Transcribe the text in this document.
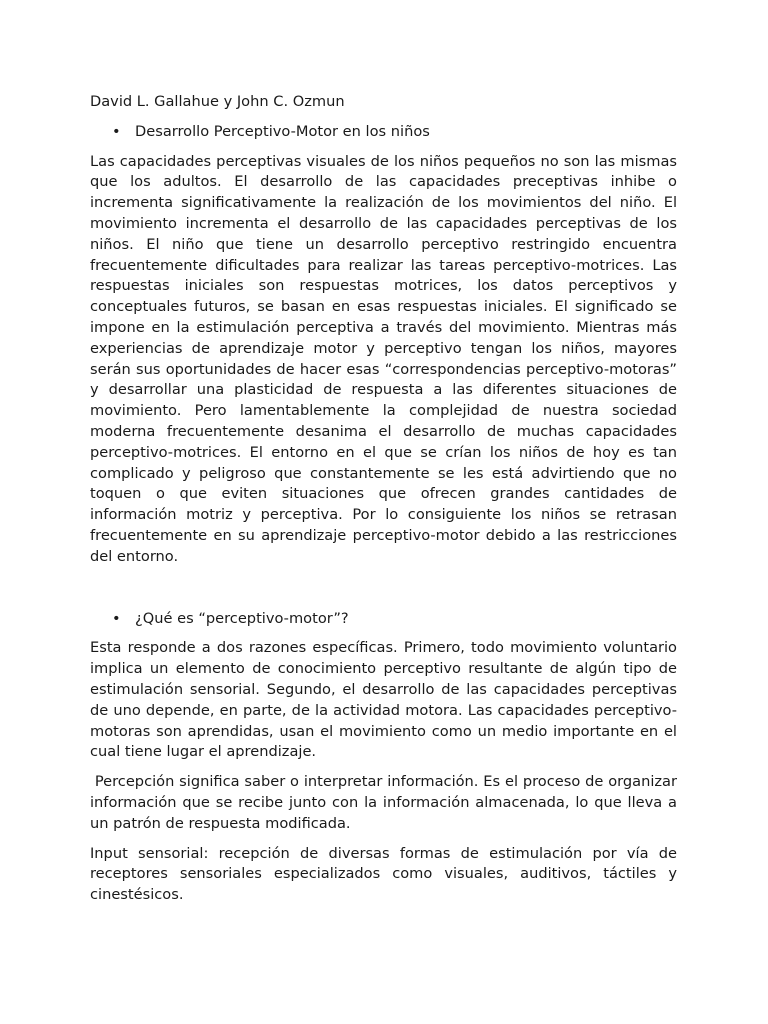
David L. Gallahue y John C. Ozmun

• Desarrollo Perceptivo-Motor en los niños

Las capacidades perceptivas visuales de los niños pequeños no son las mismas que los adultos. El desarrollo de las capacidades preceptivas inhibe o incrementa significativamente la realización de los movimientos del niño. El movimiento incrementa el desarrollo de las capacidades perceptivas de los niños. El niño que tiene un desarrollo perceptivo restringido encuentra frecuentemente dificultades para realizar las tareas perceptivo-motrices. Las respuestas iniciales son respuestas motrices, los datos perceptivos y conceptuales futuros, se basan en esas respuestas iniciales. El significado se impone en la estimulación perceptiva a través del movimiento. Mientras más experiencias de aprendizaje motor y perceptivo tengan los niños, mayores serán sus oportunidades de hacer esas “correspondencias perceptivo-motoras” y desarrollar una plasticidad de respuesta a las diferentes situaciones de movimiento. Pero lamentablemente la complejidad de nuestra sociedad moderna frecuentemente desanima el desarrollo de muchas capacidades perceptivo-motrices. El entorno en el que se crían los niños de hoy es tan complicado y peligroso que constantemente se les está advirtiendo que no toquen o que eviten situaciones que ofrecen grandes cantidades de información motriz y perceptiva. Por lo consiguiente los niños se retrasan frecuentemente en su aprendizaje perceptivo-motor debido a las restricciones del entorno.

• ¿Qué es “perceptivo-motor”?

Esta responde a dos razones específicas. Primero, todo movimiento voluntario implica un elemento de conocimiento perceptivo resultante de algún tipo de estimulación sensorial. Segundo, el desarrollo de las capacidades perceptivas de uno depende, en parte, de la actividad motora. Las capacidades perceptivo-motoras son aprendidas, usan el movimiento como un medio importante en el cual tiene lugar el aprendizaje.

Percepción significa saber o interpretar información. Es el proceso de organizar información que se recibe junto con la información almacenada, lo que lleva a un patrón de respuesta modificada.

Input sensorial: recepción de diversas formas de estimulación por vía de receptores sensoriales especializados como visuales, auditivos, táctiles y cinestésicos.
